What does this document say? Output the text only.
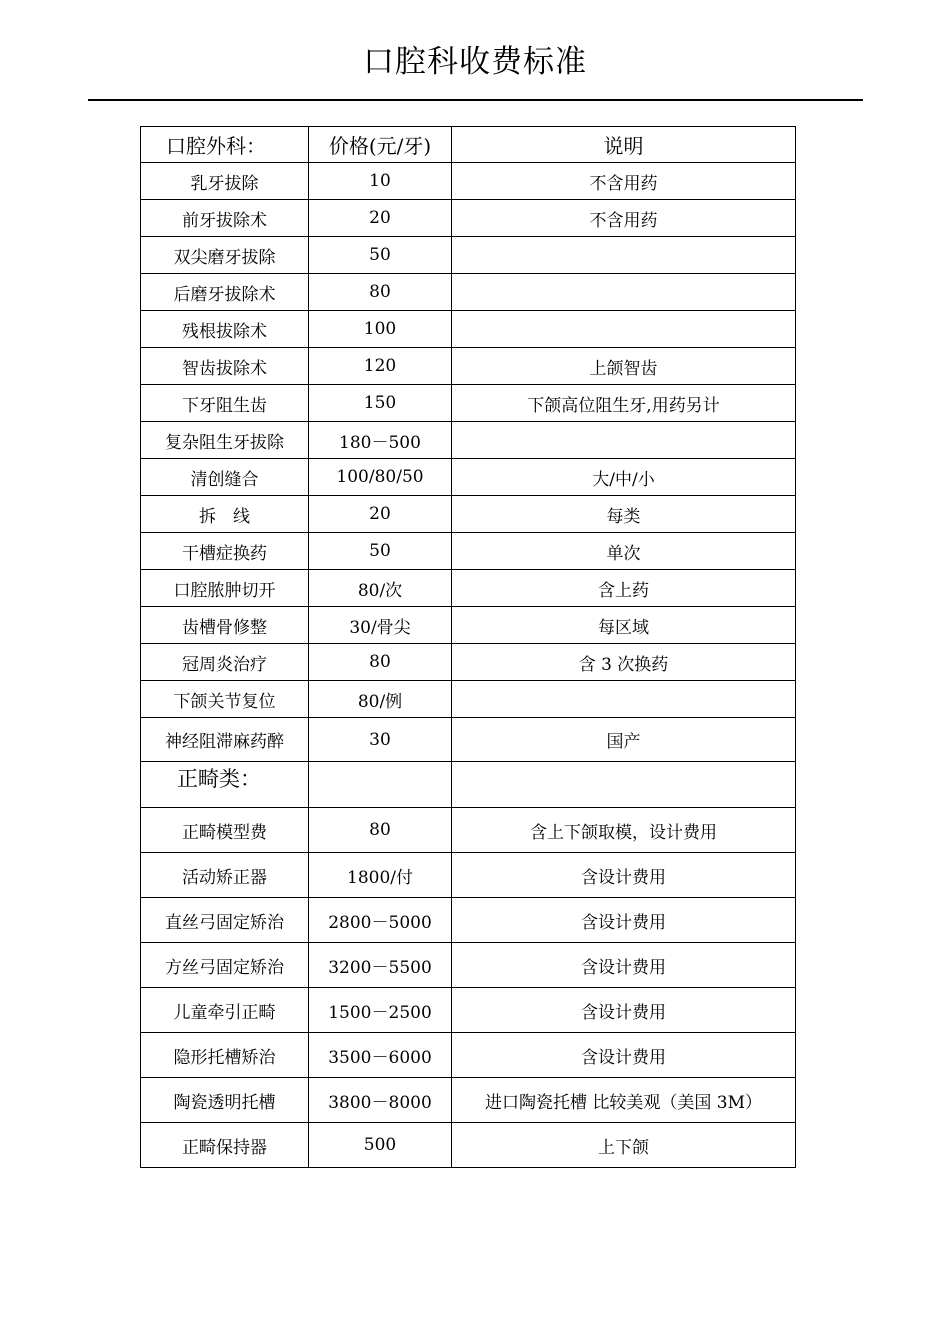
口腔科收费标准
口腔外科：	价格(元/牙)	说明
乳牙拔除	10	不含用药
前牙拔除术	20	不含用药
双尖磨牙拔除	50	
后磨牙拔除术	80	
残根拔除术	100	
智齿拔除术	120	上颌智齿
下牙阻生齿	150	下颌高位阻生牙,用药另计
复杂阻生牙拔除	180－500	
清创缝合	100/80/50	大/中/小
拆　线	20	每类
干槽症换药	50	单次
口腔脓肿切开	80/次	含上药
齿槽骨修整	30/骨尖	每区域
冠周炎治疗	80	含 3 次换药
下颌关节复位	80/例	
神经阻滞麻药醉	30	国产
正畸类：		
正畸模型费	80	含上下颌取模，设计费用
活动矫正器	1800/付	含设计费用
直丝弓固定矫治	2800－5000	含设计费用
方丝弓固定矫治	3200－5500	含设计费用
儿童牵引正畸	1500－2500	含设计费用
隐形托槽矫治	3500－6000	含设计费用
陶瓷透明托槽	3800－8000	进口陶瓷托槽 比较美观（美国 3M）
正畸保持器	500	上下颌
